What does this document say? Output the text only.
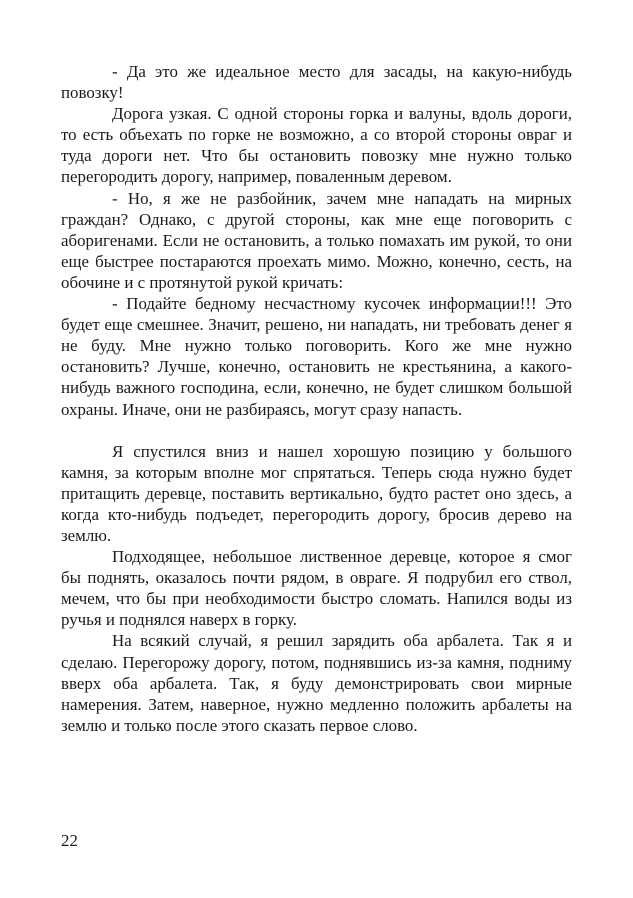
- Да это же идеальное место для засады, на какую-нибудь повозку!

Дорога узкая. С одной стороны горка и валуны, вдоль дороги, то есть объехать по горке не возможно, а со второй стороны овраг и туда дороги нет. Что бы остановить повозку мне нужно только перегородить дорогу, например, поваленным деревом.

- Но, я же не разбойник, зачем мне нападать на мирных граждан? Однако, с другой стороны, как мне еще поговорить с аборигенами. Если не остановить, а только помахать им рукой, то они еще быстрее постараются проехать мимо. Можно, конечно, сесть, на обочине и с протянутой рукой кричать:

- Подайте бедному несчастному кусочек информации!!! Это будет еще смешнее. Значит, решено, ни нападать, ни требовать денег я не буду. Мне нужно только поговорить. Кого же мне нужно остановить? Лучше, конечно, остановить не крестьянина, а какого-нибудь важного господина, если, конечно, не будет слишком большой охраны. Иначе, они не разбираясь, могут сразу напасть.

Я спустился вниз и нашел хорошую позицию у большого камня, за которым вполне мог спрятаться. Теперь сюда нужно будет притащить деревце, поставить вертикально, будто растет оно здесь, а когда кто-нибудь подъедет, перегородить дорогу, бросив дерево на землю.

Подходящее, небольшое лиственное деревце, которое я смог бы поднять, оказалось почти рядом, в овраге. Я подрубил его ствол, мечем, что бы при необходимости быстро сломать. Напился воды из ручья и поднялся наверх в горку.

На всякий случай, я решил зарядить оба арбалета. Так я и сделаю. Перегорожу дорогу, потом, поднявшись из-за камня, подниму вверх оба арбалета. Так, я буду демонстрировать свои мирные намерения. Затем, наверное, нужно медленно положить арбалеты на землю и только после этого сказать первое слово.

22
